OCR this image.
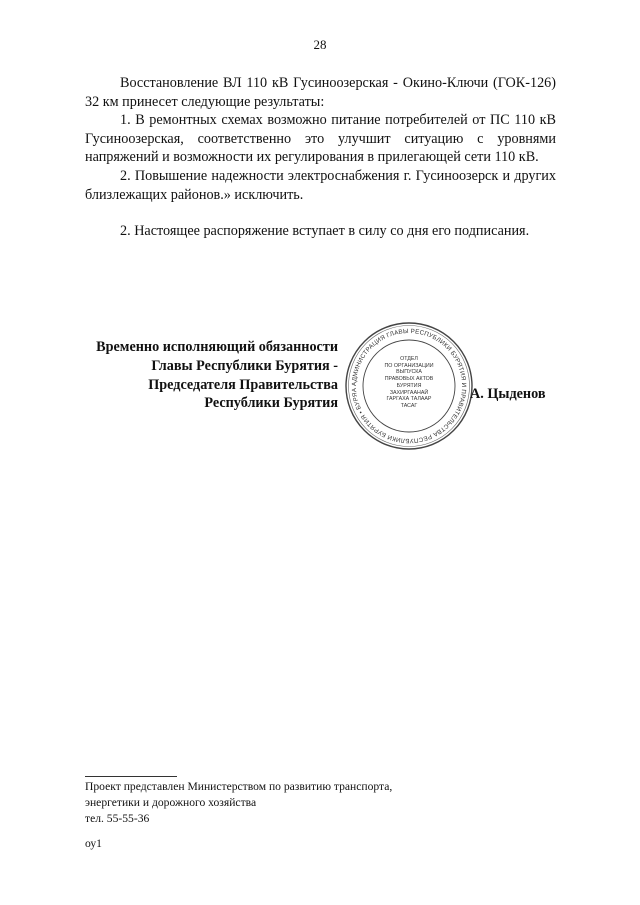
28

Восстановление ВЛ 110 кВ Гусиноозерская - Окино-Ключи (ГОК-126) 32 км принесет следующие результаты:

1. В ремонтных схемах возможно питание потребителей от ПС 110 кВ Гусиноозерская, соответственно это улучшит ситуацию с уровнями напряжений и возможности их регулирования в прилегающей сети 110 кВ.

2. Повышение надежности электроснабжения г. Гусиноозерск и других близлежащих районов.» исключить.

2. Настоящее распоряжение вступает в силу со дня его подписания.

Временно исполняющий обязанности
Главы Республики Бурятия -
Председателя Правительства
Республики Бурятия
АДМИНИСТРАЦИЯ ГЛАВЫ РЕСПУБЛИКИ БУРЯТИЯ И ПРАВИТЕЛЬСТВА РЕСПУБЛИКИ БУРЯТИЯ • БУРЯА
ОТДЕЛ
ПО ОРГАНИЗАЦИИ
ВЫПУСКА
ПРАВОВЫХ АКТОВ
БУРЯТИЯ
ЗАХИРГААНАЙ
ГАРГАХА ТАЛААР
ТАСАГ
А. Цыденов
Проект представлен Министерством по развитию транспорта,
энергетики и дорожного хозяйства
тел. 55-55-36
оу1
